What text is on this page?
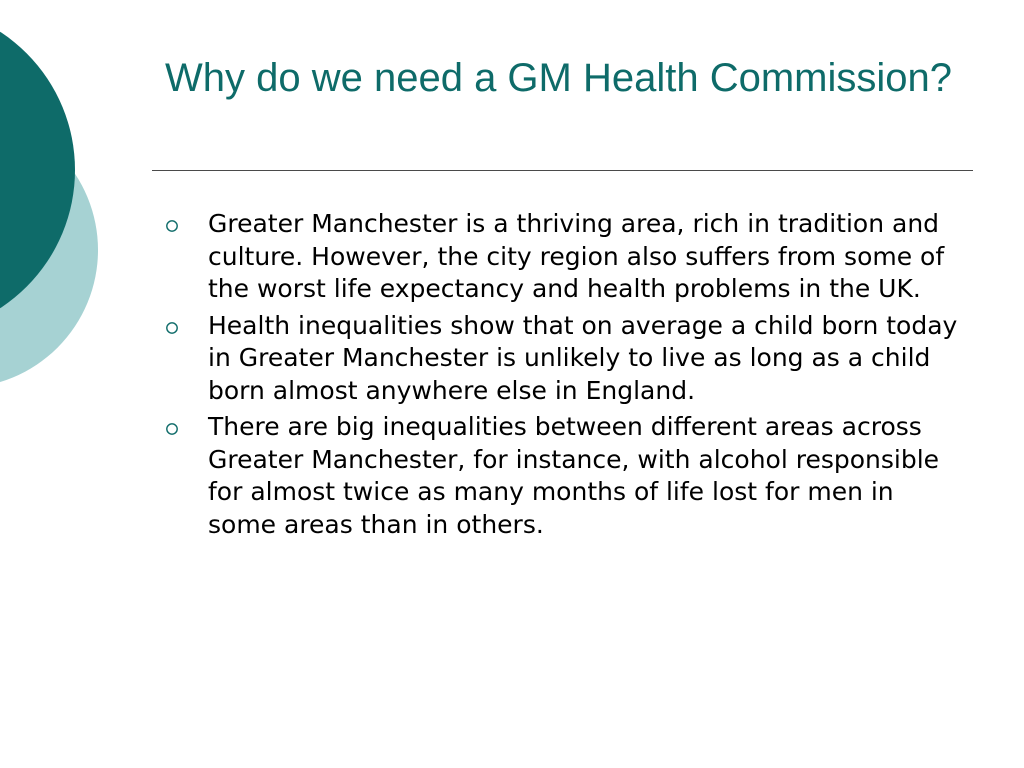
Why do we need a GM Health Commission?
Greater Manchester is a thriving area, rich in tradition and culture. However, the city region also suffers from some of the worst life expectancy and health problems in the UK.
Health inequalities show that on average a child born today in Greater Manchester is unlikely to live as long as a child born almost anywhere else in England.
There are big inequalities between different areas across Greater Manchester, for instance, with alcohol responsible for almost twice as many months of life lost for men in some areas than in others.
